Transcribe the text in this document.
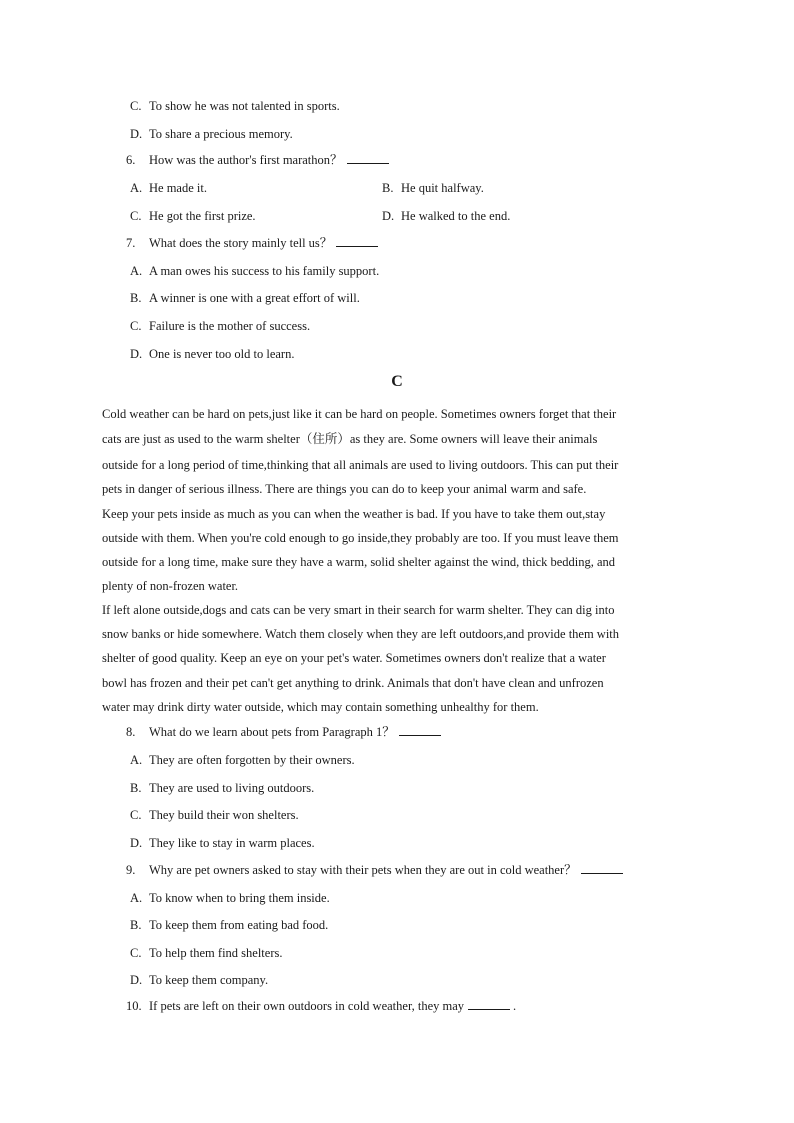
C. To show he was not talented in sports.
D. To share a precious memory.
6. How was the author's first marathon？
A. He made it.	B. He quit halfway.
C. He got the first prize.	D. He walked to the end.
7. What does the story mainly tell us？
A. A man owes his success to his family support.
B. A winner is one with a great effort of will.
C. Failure is the mother of success.
D. One is never too old to learn.
C
Cold weather can be hard on pets,just like it can be hard on people. Sometimes owners forget that their
cats are just as used to the warm shelter（住所）as they are. Some owners will leave their animals
outside for a long period of time,thinking that all animals are used to living outdoors. This can put their
pets in danger of serious illness. There are things you can do to keep your animal warm and safe.
Keep your pets inside as much as you can when the weather is bad. If you have to take them out,stay
outside with them. When you're cold enough to go inside,they probably are too. If you must leave them
outside for a long time, make sure they have a warm, solid shelter against the wind, thick bedding, and
plenty of non-frozen water.
If left alone outside,dogs and cats can be very smart in their search for warm shelter. They can dig into
snow banks or hide somewhere. Watch them closely when they are left outdoors,and provide them with
shelter of good quality. Keep an eye on your pet's water. Sometimes owners don't realize that a water
bowl has frozen and their pet can't get anything to drink. Animals that don't have clean and unfrozen
water may drink dirty water outside, which may contain something unhealthy for them.
8. What do we learn about pets from Paragraph 1？
A. They are often forgotten by their owners.
B. They are used to living outdoors.
C. They build their won shelters.
D. They like to stay in warm places.
9. Why are pet owners asked to stay with their pets when they are out in cold weather？
A. To know when to bring them inside.
B. To keep them from eating bad food.
C. To help them find shelters.
D. To keep them company.
10. If pets are left on their own outdoors in cold weather, they may	.
